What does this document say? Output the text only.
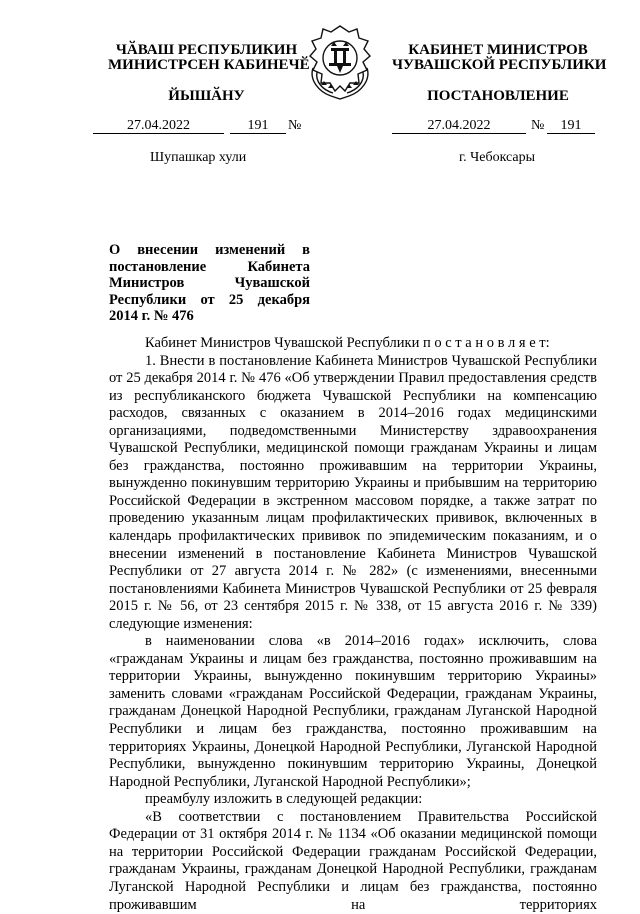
ЧӐВАШ РЕСПУБЛИКИН
МИНИСТРСЕН КАБИНЕЧӖ
ЙЫШӐНУ
КАБИНЕТ МИНИСТРОВ
ЧУВАШСКОЙ РЕСПУБЛИКИ
ПОСТАНОВЛЕНИЕ
27.04.2022	191	№	27.04.2022	№	191
Шупашкар хули	г. Чебоксары
О внесении изменений в постановление Кабинета Министров Чувашской Республики от 25 декабря 2014 г. № 476

Кабинет Министров Чувашской Республики п о с т а н о в л я е т:

1. Внести в постановление Кабинета Министров Чувашской Республики от 25 декабря 2014 г. № 476 «Об утверждении Правил предоставления средств из республиканского бюджета Чувашской Республики на компенсацию расходов, связанных с оказанием в 2014–2016 годах медицинскими организациями, подведомственными Министерству здравоохранения Чувашской Республики, медицинской помощи гражданам Украины и лицам без гражданства, постоянно проживавшим на территории Украины, вынужденно покинувшим территорию Украины и прибывшим на территорию Российской Федерации в экстренном массовом порядке, а также затрат по проведению указанным лицам профилактических прививок, включенных в календарь профилактических прививок по эпидемическим показаниям, и о внесении изменений в постановление Кабинета Министров Чувашской Республики от 27 августа 2014 г. № 282» (с изменениями, внесенными постановлениями Кабинета Министров Чувашской Республики от 25 февраля 2015 г. № 56, от 23 сентября 2015 г. № 338, от 15 августа 2016 г. № 339) следующие изменения:

в наименовании слова «в 2014–2016 годах» исключить, слова «гражданам Украины и лицам без гражданства, постоянно проживавшим на территории Украины, вынужденно покинувшим территорию Украины» заменить словами «гражданам Российской Федерации, гражданам Украины, гражданам Донецкой Народной Республики, гражданам Луганской Народной Республики и лицам без гражданства, постоянно проживавшим на территориях Украины, Донецкой Народной Республики, Луганской Народной Республики, вынужденно покинувшим территорию Украины, Донецкой Народной Республики, Луганской Народной Республики»;

преамбулу изложить в следующей редакции:

«В соответствии с постановлением Правительства Российской Федерации от 31 октября 2014 г. № 1134 «Об оказании медицинской помощи на территории Российской Федерации гражданам Российской Федерации, гражданам Украины, гражданам Донецкой Народной Республики, гражданам Луганской Народной Республики и лицам без гражданства, постоянно проживавшим на территориях
